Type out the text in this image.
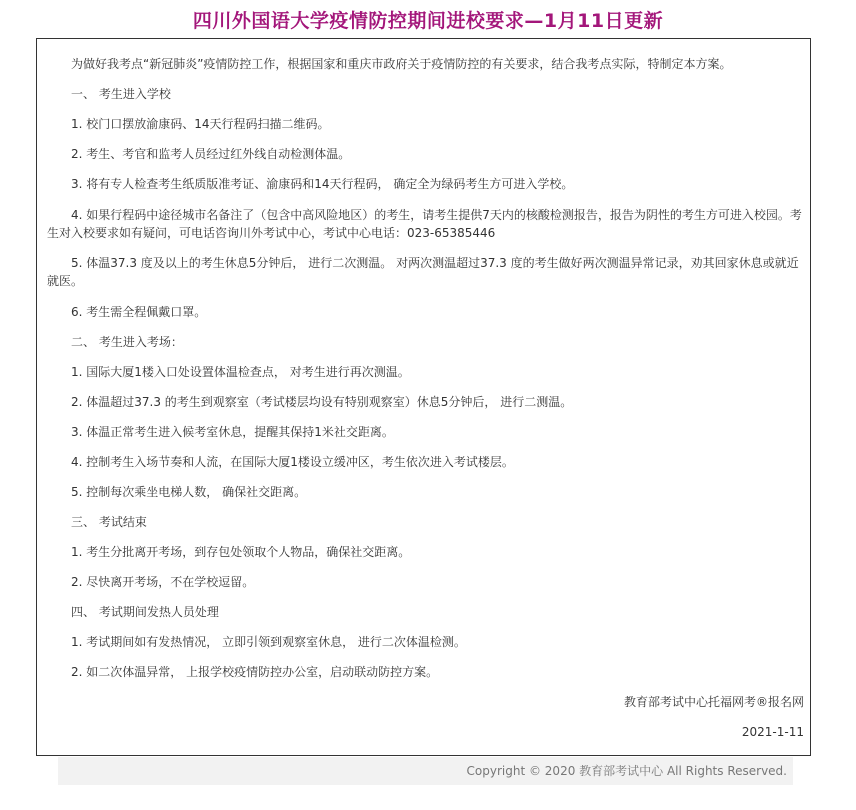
四川外国语大学疫情防控期间进校要求—1月11日更新
为做好我考点“新冠肺炎”疫情防控工作，根据国家和重庆市政府关于疫情防控的有关要求，结合我考点实际，特制定本方案。
一、 考生进入学校
1. 校门口摆放渝康码、14天行程码扫描二维码。
2. 考生、考官和监考人员经过红外线自动检测体温。
3. 将有专人检查考生纸质版准考证、渝康码和14天行程码， 确定全为绿码考生方可进入学校。
4. 如果行程码中途径城市名备注了（包含中高风险地区）的考生，请考生提供7天内的核酸检测报告，报告为阴性的考生方可进入校园。考生对入校要求如有疑问，可电话咨询川外考试中心，考试中心电话：023-65385446
5. 体温37.3 度及以上的考生休息5分钟后， 进行二次测温。 对两次测温超过37.3 度的考生做好两次测温异常记录，劝其回家休息或就近就医。
6. 考生需全程佩戴口罩。
二、 考生进入考场：
1. 国际大厦1楼入口处设置体温检查点， 对考生进行再次测温。
2. 体温超过37.3 的考生到观察室（考试楼层均设有特别观察室）休息5分钟后， 进行二测温。
3. 体温正常考生进入候考室休息，提醒其保持1米社交距离。
4. 控制考生入场节奏和人流，在国际大厦1楼设立缓冲区，考生依次进入考试楼层。
5. 控制每次乘坐电梯人数， 确保社交距离。
三、 考试结束
1. 考生分批离开考场，到存包处领取个人物品，确保社交距离。
2. 尽快离开考场，不在学校逗留。
四、 考试期间发热人员处理
1. 考试期间如有发热情况， 立即引领到观察室休息， 进行二次体温检测。
2. 如二次体温异常， 上报学校疫情防控办公室，启动联动防控方案。
教育部考试中心托福网考®报名网
2021-1-11
Copyright © 2020 教育部考试中心 All Rights Reserved.
